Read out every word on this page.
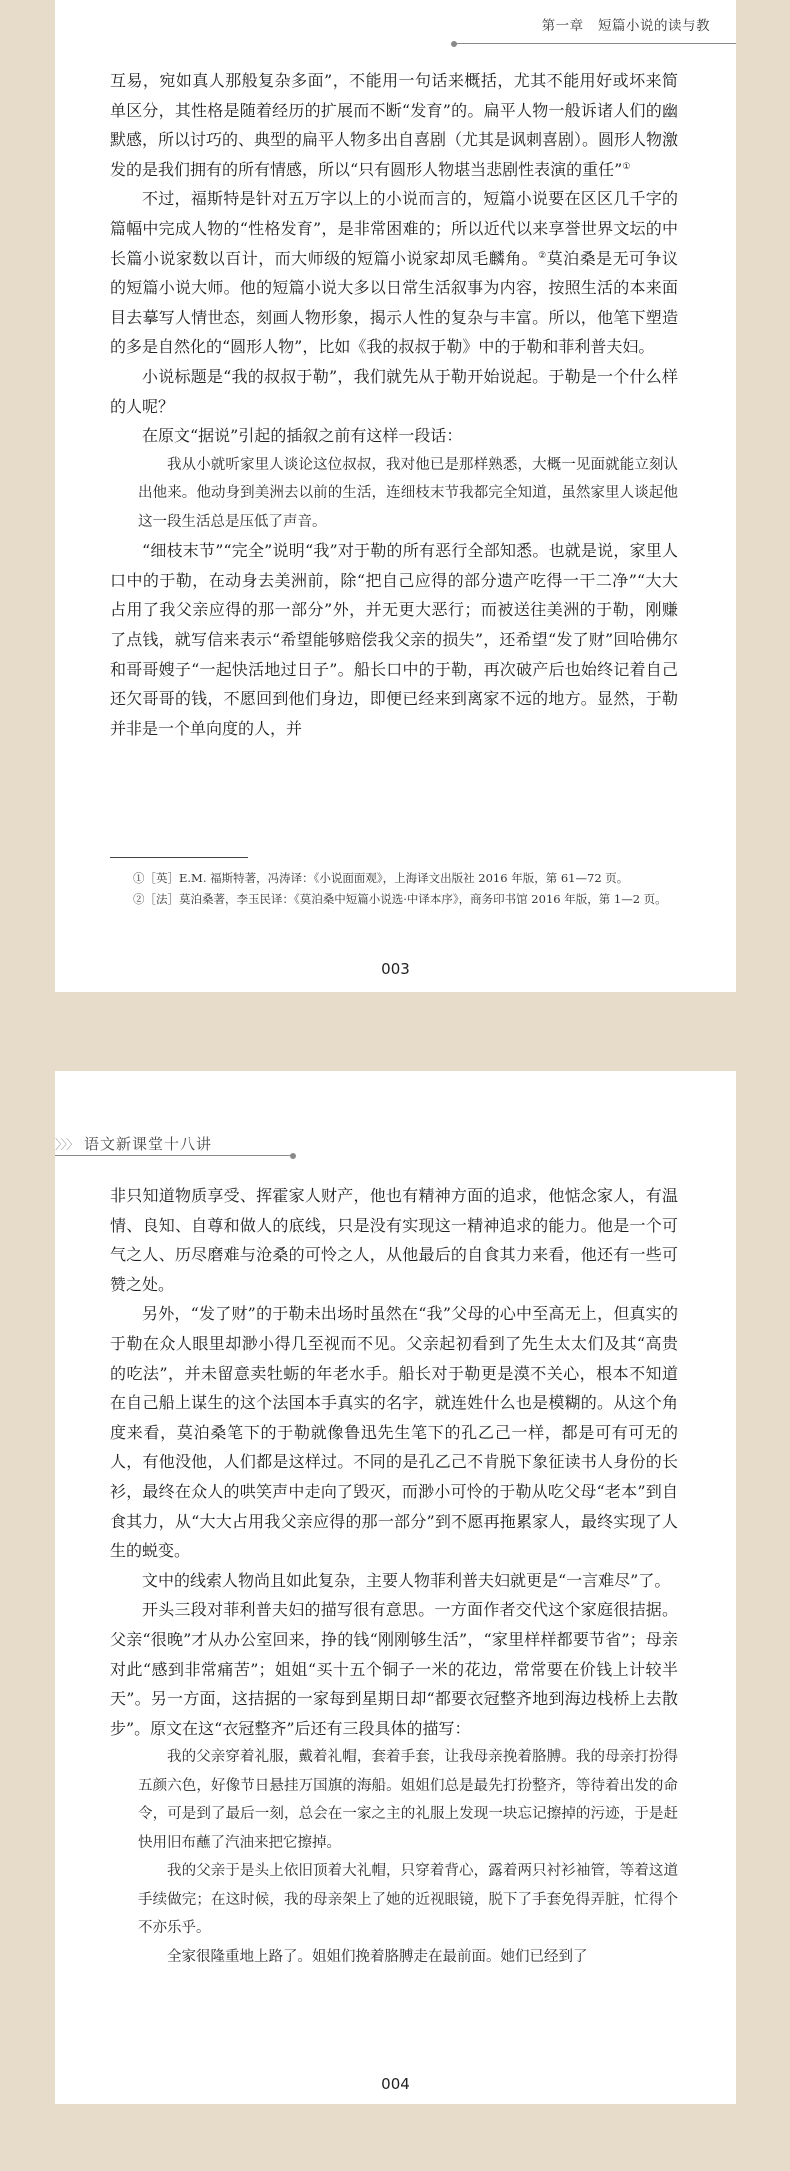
第一章 短篇小说的读与教

互易，宛如真人那般复杂多面”，不能用一句话来概括，尤其不能用好或坏来简单区分，其性格是随着经历的扩展而不断“发育”的。扁平人物一般诉诸人们的幽默感，所以讨巧的、典型的扁平人物多出自喜剧（尤其是讽刺喜剧）。圆形人物激发的是我们拥有的所有情感，所以“只有圆形人物堪当悲剧性表演的重任”①

不过，福斯特是针对五万字以上的小说而言的，短篇小说要在区区几千字的篇幅中完成人物的“性格发育”，是非常困难的；所以近代以来享誉世界文坛的中长篇小说家数以百计，而大师级的短篇小说家却凤毛麟角。②莫泊桑是无可争议的短篇小说大师。他的短篇小说大多以日常生活叙事为内容，按照生活的本来面目去摹写人情世态，刻画人物形象，揭示人性的复杂与丰富。所以，他笔下塑造的多是自然化的“圆形人物”，比如《我的叔叔于勒》中的于勒和菲利普夫妇。

小说标题是“我的叔叔于勒”，我们就先从于勒开始说起。于勒是一个什么样的人呢？

在原文“据说”引起的插叙之前有这样一段话：

我从小就听家里人谈论这位叔叔，我对他已是那样熟悉，大概一见面就能立刻认出他来。他动身到美洲去以前的生活，连细枝末节我都完全知道，虽然家里人谈起他这一段生活总是压低了声音。

“细枝末节”“完全”说明“我”对于勒的所有恶行全部知悉。也就是说，家里人口中的于勒，在动身去美洲前，除“把自己应得的部分遗产吃得一干二净”“大大占用了我父亲应得的那一部分”外，并无更大恶行；而被送往美洲的于勒，刚赚了点钱，就写信来表示“希望能够赔偿我父亲的损失”，还希望“发了财”回哈佛尔和哥哥嫂子“一起快活地过日子”。船长口中的于勒，再次破产后也始终记着自己还欠哥哥的钱，不愿回到他们身边，即便已经来到离家不远的地方。显然，于勒并非是一个单向度的人，并

①［英］E.M. 福斯特著，冯涛译：《小说面面观》，上海译文出版社 2016 年版，第 61—72 页。

②［法］莫泊桑著，李玉民译：《莫泊桑中短篇小说选·中译本序》，商务印书馆 2016 年版，第 1—2 页。

003
〉〉〉 语文新课堂十八讲

非只知道物质享受、挥霍家人财产，他也有精神方面的追求，他惦念家人，有温情、良知、自尊和做人的底线，只是没有实现这一精神追求的能力。他是一个可气之人、历尽磨难与沧桑的可怜之人，从他最后的自食其力来看，他还有一些可赞之处。

另外，“发了财”的于勒未出场时虽然在“我”父母的心中至高无上，但真实的于勒在众人眼里却渺小得几至视而不见。父亲起初看到了先生太太们及其“高贵的吃法”，并未留意卖牡蛎的年老水手。船长对于勒更是漠不关心，根本不知道在自己船上谋生的这个法国本手真实的名字，就连姓什么也是模糊的。从这个角度来看，莫泊桑笔下的于勒就像鲁迅先生笔下的孔乙己一样，都是可有可无的人，有他没他，人们都是这样过。不同的是孔乙己不肯脱下象征读书人身份的长衫，最终在众人的哄笑声中走向了毁灭，而渺小可怜的于勒从吃父母“老本”到自食其力，从“大大占用我父亲应得的那一部分”到不愿再拖累家人，最终实现了人生的蜕变。

文中的线索人物尚且如此复杂，主要人物菲利普夫妇就更是“一言难尽”了。

开头三段对菲利普夫妇的描写很有意思。一方面作者交代这个家庭很拮据。父亲“很晚”才从办公室回来，挣的钱“刚刚够生活”，“家里样样都要节省”；母亲对此“感到非常痛苦”；姐姐“买十五个铜子一米的花边，常常要在价钱上计较半天”。另一方面，这拮据的一家每到星期日却“都要衣冠整齐地到海边栈桥上去散步”。原文在这“衣冠整齐”后还有三段具体的描写：

我的父亲穿着礼服，戴着礼帽，套着手套，让我母亲挽着胳膊。我的母亲打扮得五颜六色，好像节日悬挂万国旗的海船。姐姐们总是最先打扮整齐，等待着出发的命令，可是到了最后一刻，总会在一家之主的礼服上发现一块忘记擦掉的污迹，于是赶快用旧布蘸了汽油来把它擦掉。

我的父亲于是头上依旧顶着大礼帽，只穿着背心，露着两只衬衫袖管，等着这道手续做完；在这时候，我的母亲架上了她的近视眼镜，脱下了手套免得弄脏，忙得个不亦乐乎。

全家很隆重地上路了。姐姐们挽着胳膊走在最前面。她们已经到了

004
